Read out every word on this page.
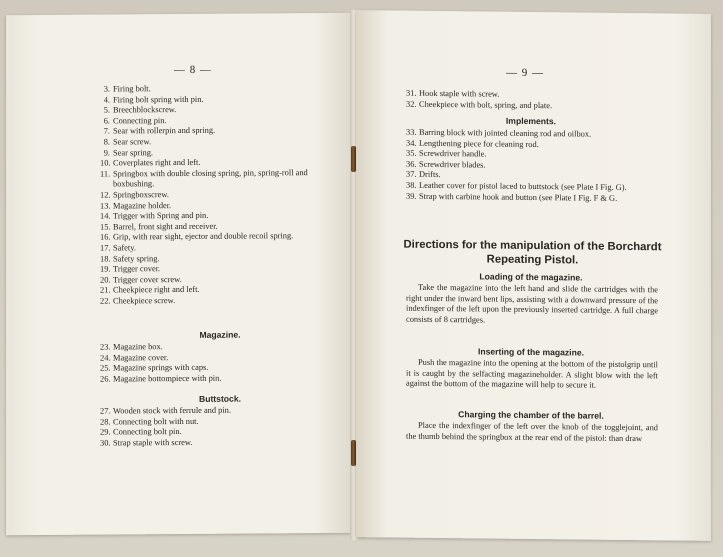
— 8 —
3. Firing bolt.
4. Firing bolt spring with pin.
5. Breechblockscrew.
6. Connecting pin.
7. Sear with rollerpin and spring.
8. Sear screw.
9. Sear spring.
10. Coverplates right and left.
11. Springbox with double closing spring, pin, spring-roll and boxbushing.
12. Springboxscrew.
13. Magazine holder.
14. Trigger with Spring and pin.
15. Barrel, front sight and receiver.
16. Grip, with rear sight, ejector and double recoil spring.
17. Safety.
18. Safety spring.
19. Trigger cover.
20. Trigger cover screw.
21. Cheekpiece right and left.
22. Cheekpiece screw.
Magazine.
23. Magazine box.
24. Magazine cover.
25. Magazine springs with caps.
26. Magazine bottompiece with pin.
Buttstock.
27. Wooden stock with ferrule and pin.
28. Connecting bolt with nut.
29. Connecting bolt pin.
30. Strap staple with screw.
— 9 —
31. Hook staple with screw.
32. Cheekpiece with bolt, spring, and plate.
Implements.
33. Barring block with jointed cleaning rod and oilbox.
34. Lengthening piece for cleaning rod.
35. Screwdriver handle.
36. Screwdriver blades.
37. Drifts.
38. Leather cover for pistol laced to buttstock (see Plate I Fig. G).
39. Strap with carbine hook and button (see Plate I Fig. F & G.
Directions for the manipulation of the Borchardt Repeating Pistol.
Loading of the magazine.

Take the magazine into the left hand and slide the cartridges with the right under the inward bent lips, assisting with a downward pressure of the indexfinger of the left upon the previously inserted cartridge. A full charge consists of 8 cartridges.

Inserting of the magazine.

Push the magazine into the opening at the bottom of the pistolgrip until it is caught by the selfacting magazineholder. A slight blow with the left against the bottom of the magazine will help to secure it.

Charging the chamber of the barrel.

Place the indexfinger of the left over the knob of the togglejoint, and the thumb behind the springbox at the rear end of the pistol: than draw
